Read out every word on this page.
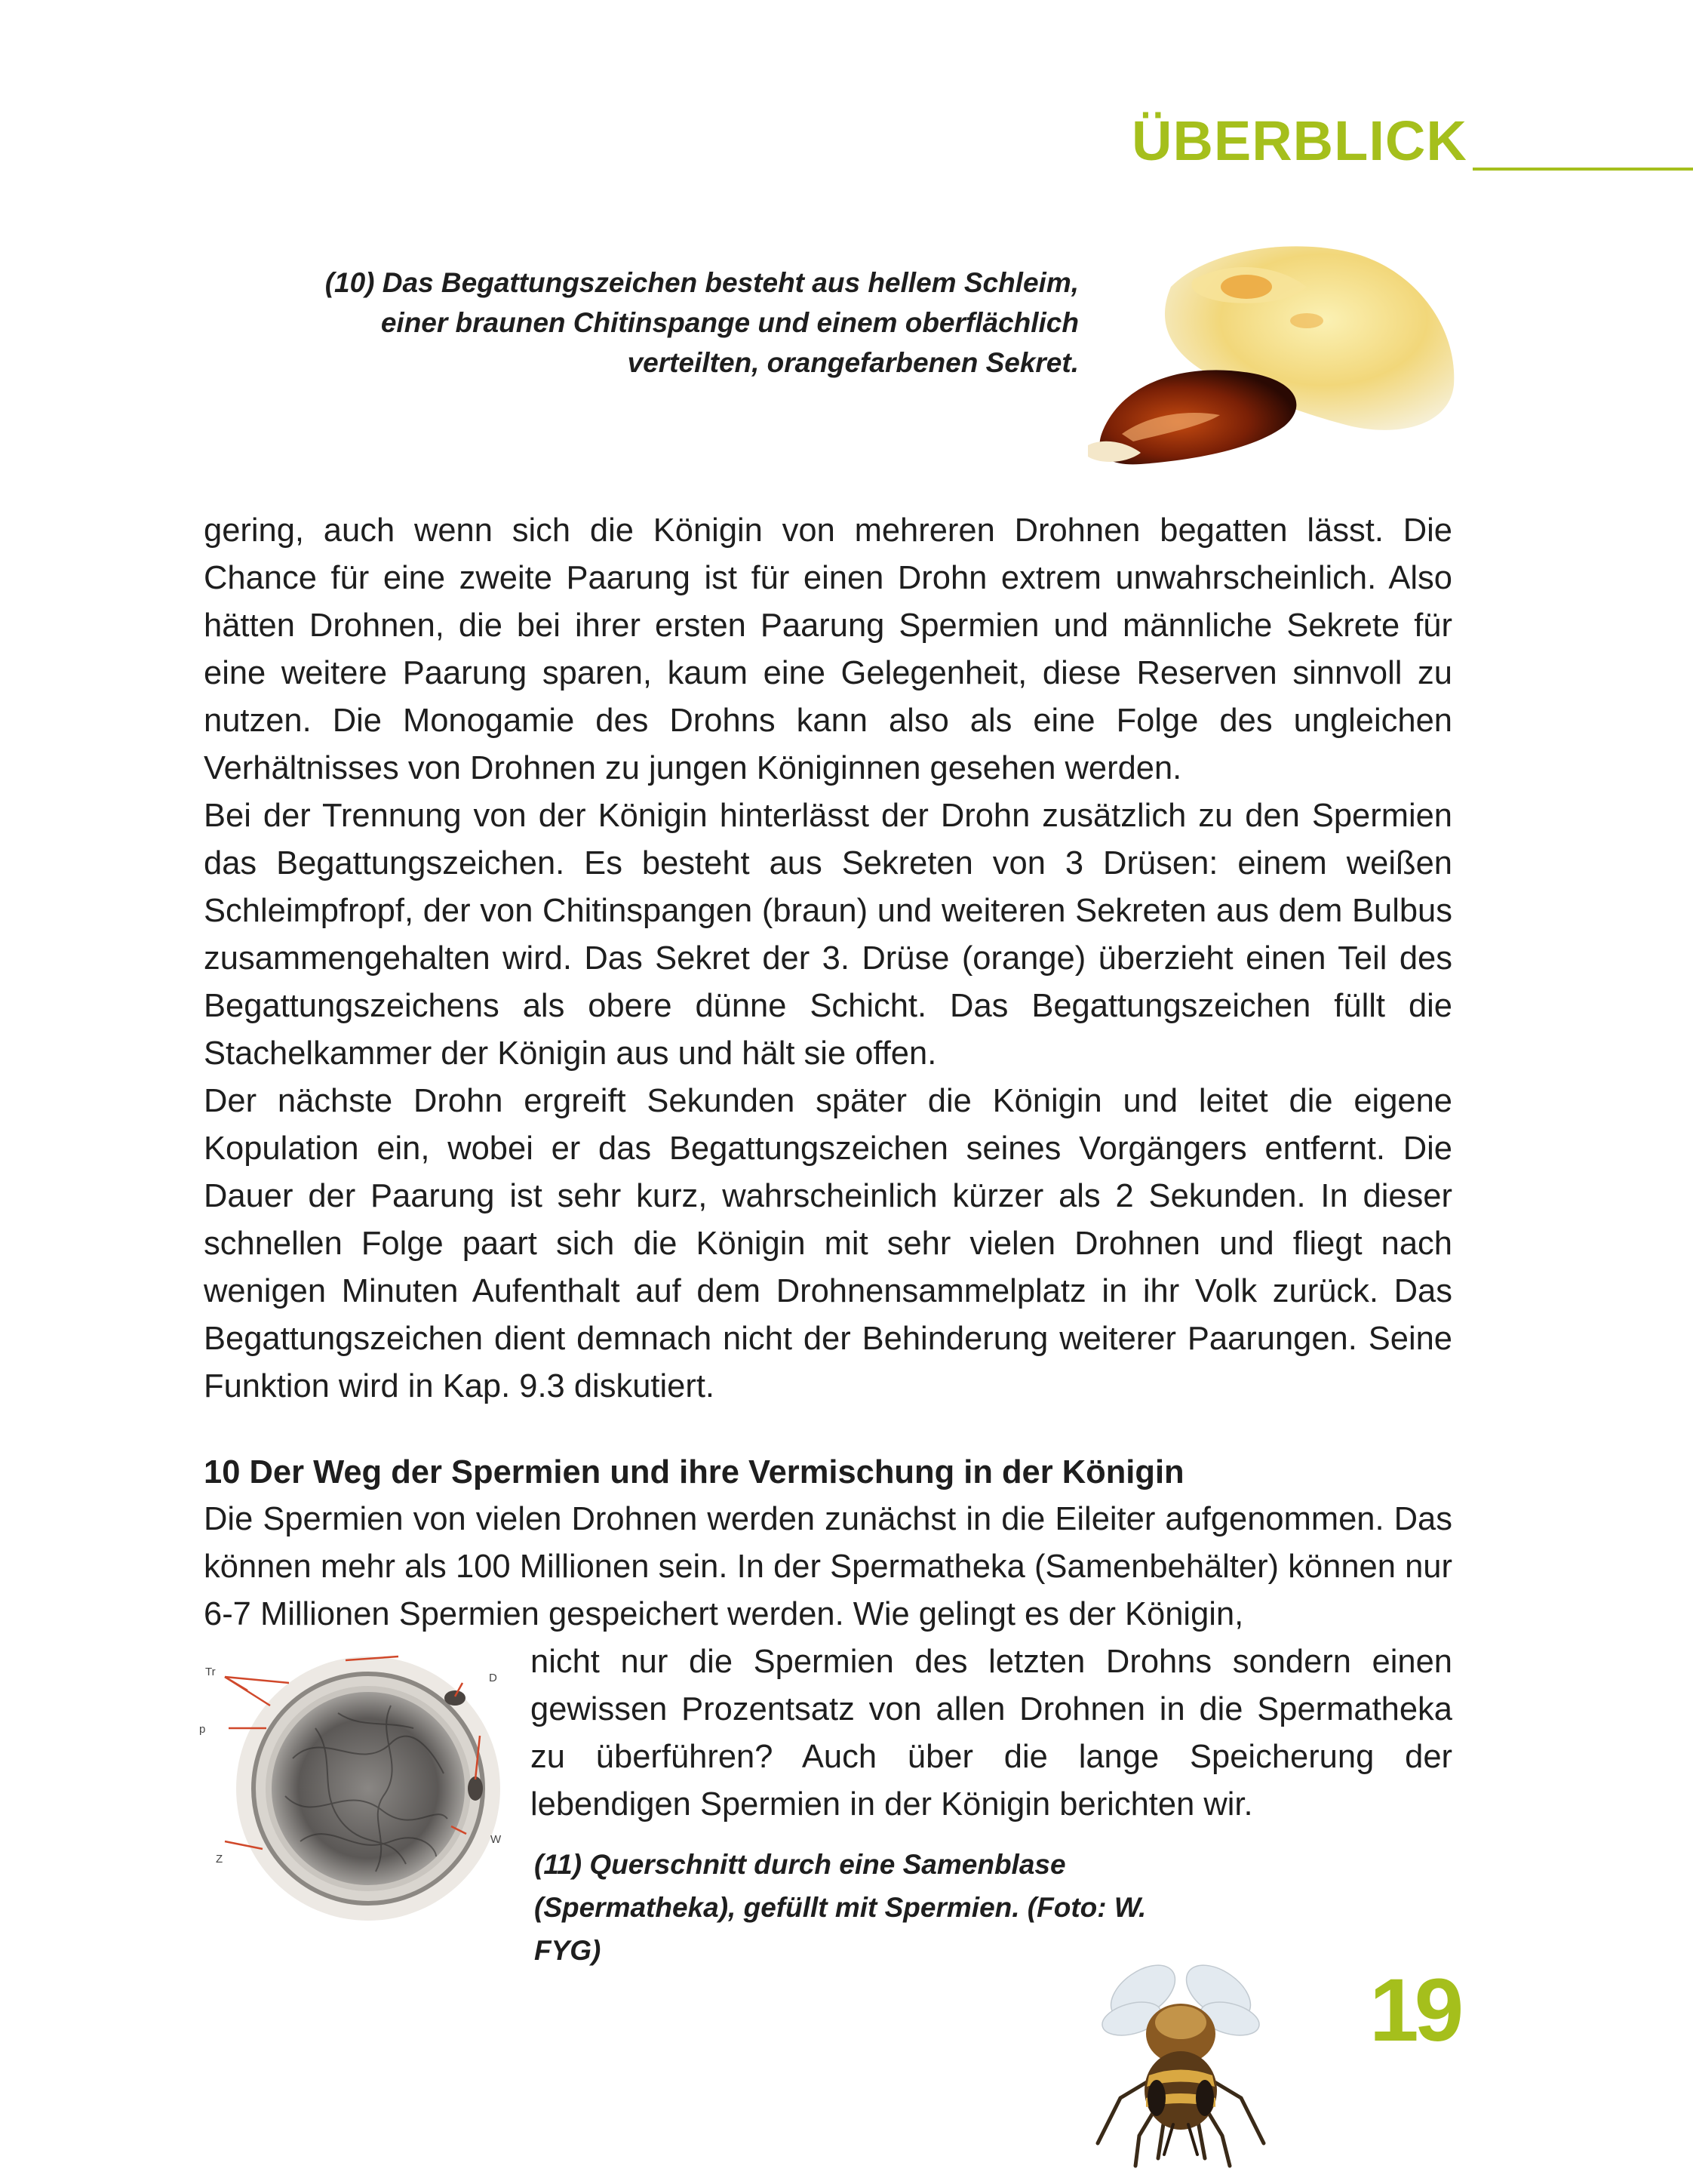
ÜBERBLICK
(10) Das Begattungszeichen besteht aus hellem Schleim,
einer braunen Chitinspange und einem oberflächlich
verteilten, orangefarbenen Sekret.

gering, auch wenn sich die Königin von mehreren Drohnen begatten lässt. Die Chance für eine zweite Paarung ist für einen Drohn extrem unwahrscheinlich. Also hätten Drohnen, die bei ihrer ersten Paarung Spermien und männliche Sekrete für eine weitere Paarung sparen, kaum eine Gelegenheit, diese Reserven sinnvoll zu nutzen. Die Monogamie des Drohns kann also als eine Folge des ungleichen Verhältnisses von Drohnen zu jungen Königinnen gesehen werden.

Bei der Trennung von der Königin hinterlässt der Drohn zusätzlich zu den Spermien das Begattungszeichen. Es besteht aus Sekreten von 3 Drüsen: einem weißen Schleimpfropf, der von Chitinspangen (braun) und weiteren Sekreten aus dem Bulbus zusammengehalten wird. Das Sekret der 3. Drüse (orange) überzieht einen Teil des Begattungszeichens als obere dünne Schicht. Das Begattungszeichen füllt die Stachelkammer der Königin aus und hält sie offen.

Der nächste Drohn ergreift Sekunden später die Königin und leitet die eigene Kopulation ein, wobei er das Begattungszeichen seines Vorgängers entfernt. Die Dauer der Paarung ist sehr kurz, wahrscheinlich kürzer als 2 Sekunden. In dieser schnellen Folge paart sich die Königin mit sehr vielen Drohnen und fliegt nach wenigen Minuten Aufenthalt auf dem Drohnensammelplatz in ihr Volk zurück. Das Begattungszeichen dient demnach nicht der Behinderung weiterer Paarungen. Seine Funktion wird in Kap. 9.3 diskutiert.

10 Der Weg der Spermien und ihre Vermischung in der Königin

Die Spermien von vielen Drohnen werden zunächst in die Eileiter aufgenommen. Das können mehr als 100 Millionen sein. In der Spermatheka (Samenbehälter) können nur 6-7 Millionen Spermien gespeichert werden. Wie gelingt es der Königin,

Tr	D
p
W
Z

nicht nur die Spermien des letzten Drohns sondern einen gewissen Prozentsatz von allen Drohnen in die Spermatheka zu überführen? Auch über die lange Speicherung der lebendigen Spermien in der Königin berichten wir.

(11) Querschnitt durch eine Samenblase
(Spermatheka), gefüllt mit Spermien. (Foto: W. FYG)
19
